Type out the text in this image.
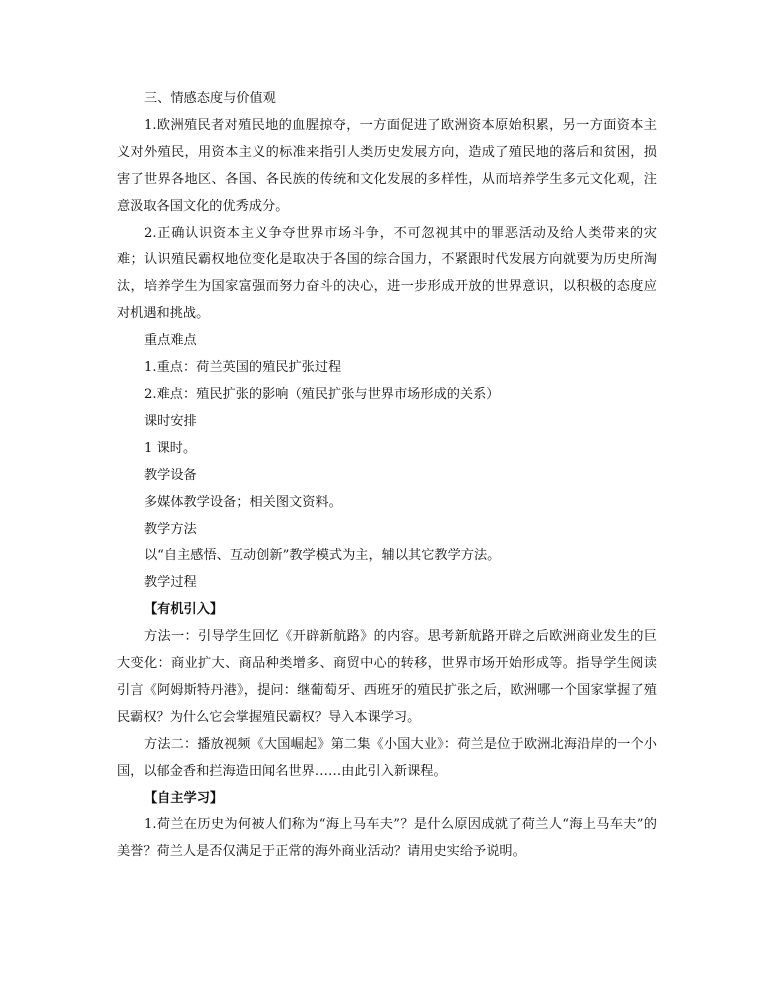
三、情感态度与价值观

1.欧洲殖民者对殖民地的血腥掠夺，一方面促进了欧洲资本原始积累，另一方面资本主义对外殖民，用资本主义的标准来指引人类历史发展方向，造成了殖民地的落后和贫困，损害了世界各地区、各国、各民族的传统和文化发展的多样性，从而培养学生多元文化观，注意汲取各国文化的优秀成分。

2.正确认识资本主义争夺世界市场斗争，不可忽视其中的罪恶活动及给人类带来的灾难；认识殖民霸权地位变化是取决于各国的综合国力，不紧跟时代发展方向就要为历史所淘汰，培养学生为国家富强而努力奋斗的决心，进一步形成开放的世界意识，以积极的态度应对机遇和挑战。

重点难点

1.重点：荷兰英国的殖民扩张过程

2.难点：殖民扩张的影响（殖民扩张与世界市场形成的关系）

课时安排

1 课时。

教学设备

多媒体教学设备；相关图文资料。

教学方法

以“自主感悟、互动创新”教学模式为主，辅以其它教学方法。

教学过程

【有机引入】

方法一：引导学生回忆《开辟新航路》的内容。思考新航路开辟之后欧洲商业发生的巨大变化：商业扩大、商品种类增多、商贸中心的转移，世界市场开始形成等。指导学生阅读引言《阿姆斯特丹港》，提问：继葡萄牙、西班牙的殖民扩张之后，欧洲哪一个国家掌握了殖民霸权？为什么它会掌握殖民霸权？导入本课学习。

方法二：播放视频《大国崛起》第二集《小国大业》：荷兰是位于欧洲北海沿岸的一个小国，以郁金香和拦海造田闻名世界……由此引入新课程。

【自主学习】

1.荷兰在历史为何被人们称为“海上马车夫”？是什么原因成就了荷兰人“海上马车夫”的美誉？荷兰人是否仅满足于正常的海外商业活动？请用史实给予说明。
